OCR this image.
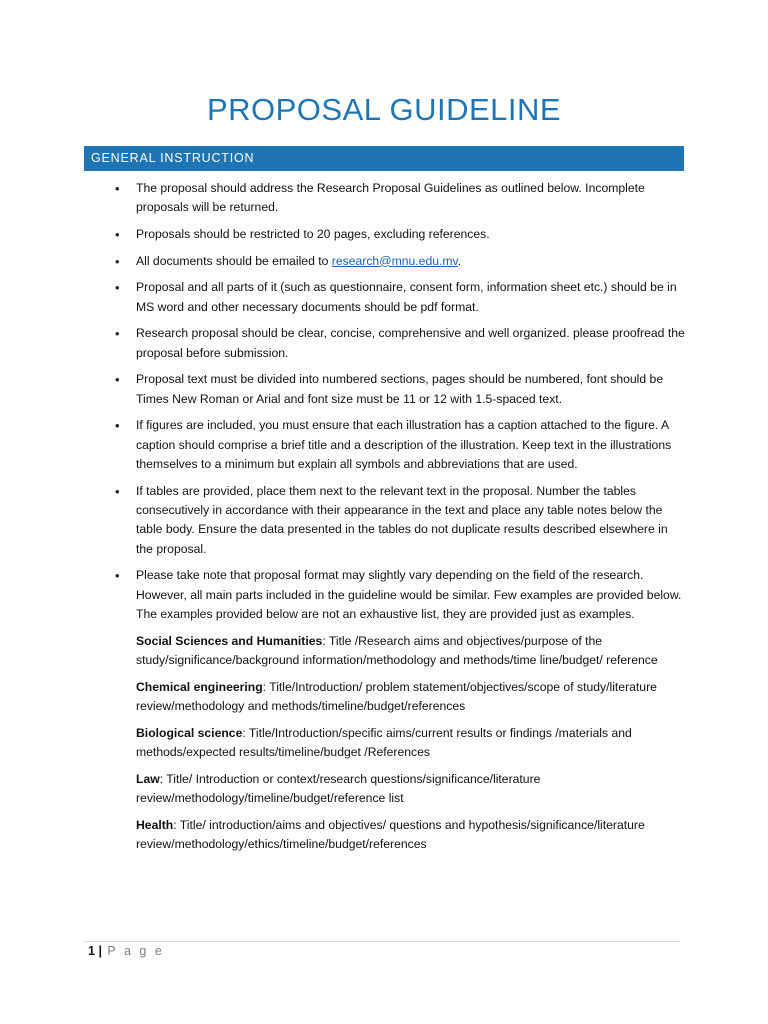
PROPOSAL GUIDELINE
GENERAL INSTRUCTION
•	The proposal should address the Research Proposal Guidelines as outlined below. Incomplete proposals will be returned.
•	Proposals should be restricted to 20 pages, excluding references.
•	All documents should be emailed to research@mnu.edu.mv.
•	Proposal and all parts of it (such as questionnaire, consent form, information sheet etc.) should be in MS word and other necessary documents should be pdf format.
•	Research proposal should be clear, concise, comprehensive and well organized. please proofread the proposal before submission.
•	Proposal text must be divided into numbered sections, pages should be numbered, font should be Times New Roman or Arial and font size must be 11 or 12 with 1.5-spaced text.
•	If figures are included, you must ensure that each illustration has a caption attached to the figure. A caption should comprise a brief title and a description of the illustration. Keep text in the illustrations themselves to a minimum but explain all symbols and abbreviations that are used.
•	If tables are provided, place them next to the relevant text in the proposal. Number the tables consecutively in accordance with their appearance in the text and place any table notes below the table body. Ensure the data presented in the tables do not duplicate results described elsewhere in the proposal.
•	Please take note that proposal format may slightly vary depending on the field of the research. However, all main parts included in the guideline would be similar. Few examples are provided below. The examples provided below are not an exhaustive list, they are provided just as examples.
Social Sciences and Humanities: Title /Research aims and objectives/purpose of the study/significance/background information/methodology and methods/time line/budget/ reference
Chemical engineering: Title/Introduction/ problem statement/objectives/scope of study/literature review/methodology and methods/timeline/budget/references
Biological science: Title/Introduction/specific aims/current results or findings /materials and methods/expected results/timeline/budget /References
Law: Title/ Introduction or context/research questions/significance/literature review/methodology/timeline/budget/reference list
Health: Title/ introduction/aims and objectives/ questions and hypothesis/significance/literature review/methodology/ethics/timeline/budget/references
1 | P a g e
